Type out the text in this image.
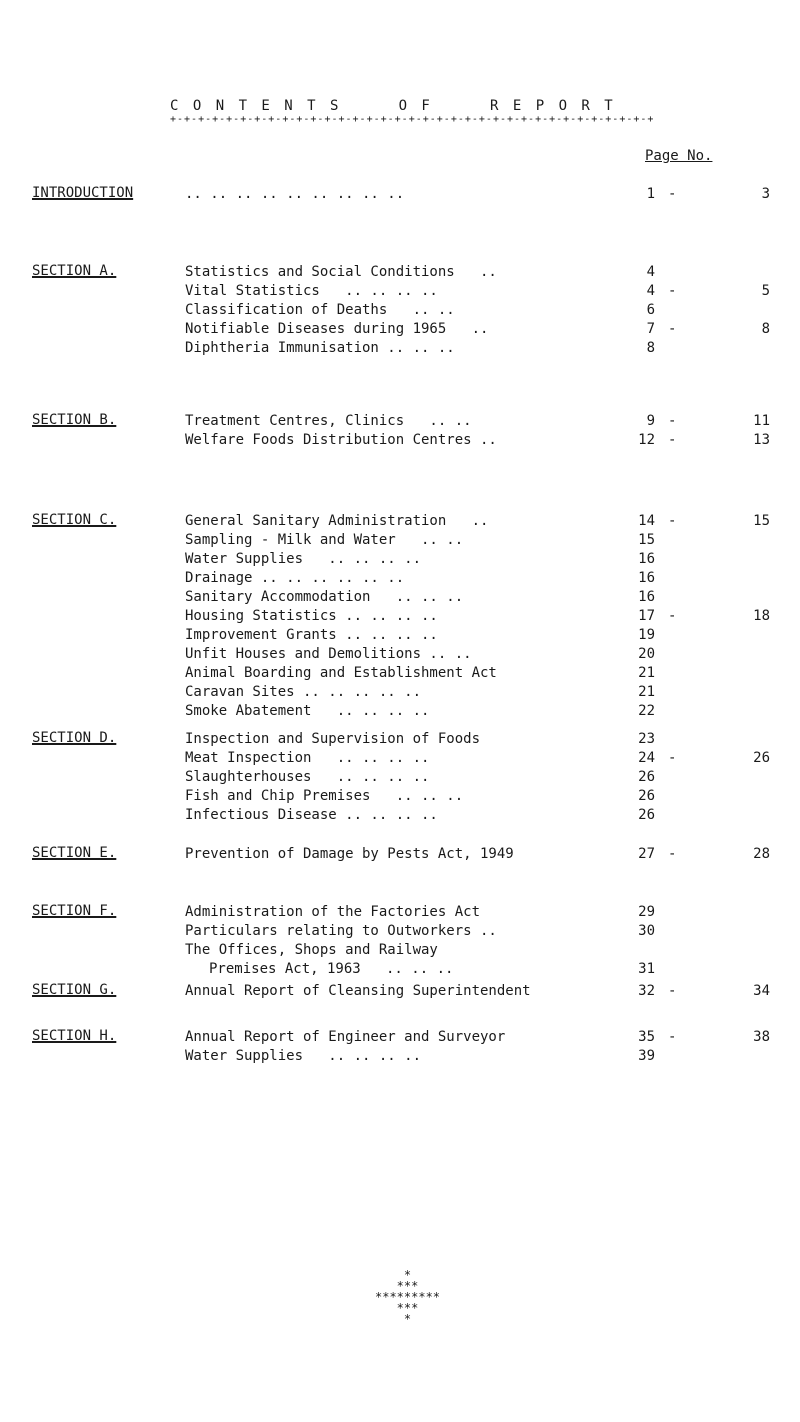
C O N T E N T S     O F     R E P O R T
+-+-+-+-+-+-+-+-+-+-+-+-+-+-+-+-+-+-+-+-+-+-+-+-+-+-+-+-+-+-+-+-+-+-+
Page No.
INTRODUCTION	.. .. .. .. .. .. .. .. ..	1 -	3
SECTION A.	Statistics and Social Conditions   ..	4
Vital Statistics   .. .. .. ..	4 -	5
Classification of Deaths   .. ..	6
Notifiable Diseases during 1965   ..	7 -	8
Diphtheria Immunisation .. .. ..	8
SECTION B.	Treatment Centres, Clinics   .. ..	9 -	11
Welfare Foods Distribution Centres ..	12 -	13
SECTION C.	General Sanitary Administration   ..	14 -	15
Sampling - Milk and Water   .. ..	15
Water Supplies   .. .. .. ..	16
Drainage .. .. .. .. .. ..	16
Sanitary Accommodation   .. .. ..	16
Housing Statistics .. .. .. ..	17 -	18
Improvement Grants .. .. .. ..	19
Unfit Houses and Demolitions .. ..	20
Animal Boarding and Establishment Act	21
Caravan Sites .. .. .. .. ..	21
Smoke Abatement   .. .. .. ..	22
SECTION D.	Inspection and Supervision of Foods	23
Meat Inspection   .. .. .. ..	24 -	26
Slaughterhouses   .. .. .. ..	26
Fish and Chip Premises   .. .. ..	26
Infectious Disease .. .. .. ..	26
SECTION E.	Prevention of Damage by Pests Act, 1949	27 -	28
SECTION F.	Administration of the Factories Act	29
Particulars relating to Outworkers ..	30
The Offices, Shops and Railway
Premises Act, 1963   .. .. ..	31
SECTION G.	Annual Report of Cleansing Superintendent	32 -	34
SECTION H.	Annual Report of Engineer and Surveyor	35 -	38
Water Supplies   .. .. .. ..	39
*
***
*********
***
*
